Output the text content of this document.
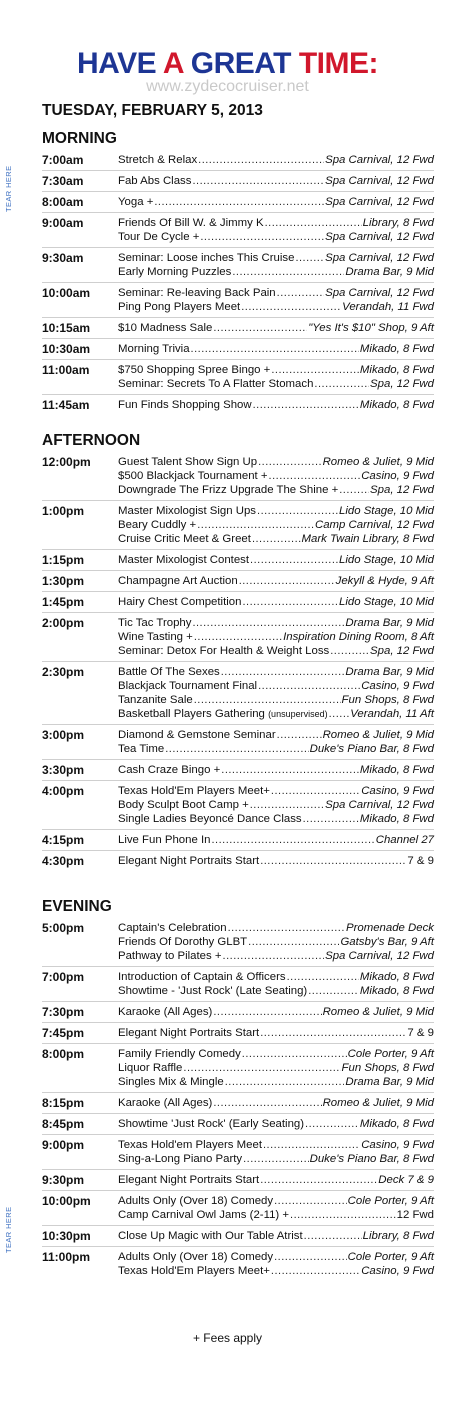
HAVE A GREAT TIME:
www.zydecocruiser.net
TUESDAY, FEBRUARY 5, 2013
TEAR HERE
TEAR HERE
MORNING
7:00am	Stretch & Relax .....	Spa Carnival, 12 Fwd
7:30am	Fab Abs Class .....	Spa Carnival, 12 Fwd
8:00am	Yoga + .....	Spa Carnival, 12 Fwd
9:00am	Friends Of Bill W. & Jimmy K .....	Library, 8 Fwd
Tour De Cycle + .....	Spa Carnival, 12 Fwd
9:30am	Seminar: Loose inches This Cruise .....	Spa Carnival, 12 Fwd
Early Morning Puzzles .....	Drama Bar, 9 Mid
10:00am	Seminar: Re-leaving Back Pain .....	Spa Carnival, 12 Fwd
Ping Pong Players Meet .....	Verandah, 11 Fwd
10:15am	$10 Madness Sale .....	"Yes It's $10" Shop, 9 Aft
10:30am	Morning Trivia .....	Mikado, 8 Fwd
11:00am	$750 Shopping Spree Bingo + .....	Mikado, 8 Fwd
Seminar: Secrets To A Flatter Stomach .....	Spa, 12 Fwd
11:45am	Fun Finds Shopping Show .....	Mikado, 8 Fwd
AFTERNOON
12:00pm	Guest Talent Show Sign Up .....	Romeo & Juliet, 9 Mid
$500 Blackjack Tournament + .....	Casino, 9 Fwd
Downgrade The Frizz Upgrade The Shine + .....	Spa, 12 Fwd
1:00pm	Master Mixologist Sign Ups .....	Lido Stage, 10 Mid
Beary Cuddly + .....	Camp Carnival, 12 Fwd
Cruise Critic Meet & Greet .....	Mark Twain Library, 8 Fwd
1:15pm	Master Mixologist Contest .....	Lido Stage, 10 Mid
1:30pm	Champagne Art Auction .....	Jekyll & Hyde, 9 Aft
1:45pm	Hairy Chest Competition .....	Lido Stage, 10 Mid
2:00pm	Tic Tac Trophy .....	Drama Bar, 9 Mid
Wine Tasting + .....	Inspiration Dining Room, 8 Aft
Seminar: Detox For Health & Weight Loss .....	Spa, 12 Fwd
2:30pm	Battle Of The Sexes .....	Drama Bar, 9 Mid
Blackjack Tournament Final .....	Casino, 9 Fwd
Tanzanite Sale .....	Fun Shops, 8 Fwd
Basketball Players Gathering (unsupervised) ..... Verandah, 11 Aft
3:00pm	Diamond & Gemstone Seminar .....	Romeo & Juliet, 9 Mid
Tea Time .....	Duke's Piano Bar, 8 Fwd
3:30pm	Cash Craze Bingo + .....	Mikado, 8 Fwd
4:00pm	Texas Hold'Em Players Meet+ .....	Casino, 9 Fwd
Body Sculpt Boot Camp + .....	Spa Carnival, 12 Fwd
Single Ladies Beyoncé Dance Class .....	Mikado, 8 Fwd
4:15pm	Live Fun Phone In .....	Channel 27
4:30pm	Elegant Night Portraits Start .....	7 & 9
EVENING
5:00pm	Captain's Celebration .....	Promenade Deck
Friends Of Dorothy GLBT .....	Gatsby's Bar, 9 Aft
Pathway to Pilates + .....	Spa Carnival, 12 Fwd
7:00pm	Introduction of Captain & Officers .....	Mikado, 8 Fwd
Showtime - 'Just Rock' (Late Seating) .....	Mikado, 8 Fwd
7:30pm	Karaoke (All Ages) .....	Romeo & Juliet, 9 Mid
7:45pm	Elegant Night Portraits Start .....	7 & 9
8:00pm	Family Friendly Comedy .....	Cole Porter, 9 Aft
Liquor Raffle .....	Fun Shops, 8 Fwd
Singles Mix & Mingle .....	Drama Bar, 9 Mid
8:15pm	Karaoke (All Ages) .....	Romeo & Juliet, 9 Mid
8:45pm	Showtime 'Just Rock' (Early Seating) .....	Mikado, 8 Fwd
9:00pm	Texas Hold'em Players Meet .....	Casino, 9 Fwd
Sing-a-Long Piano Party .....	Duke's Piano Bar, 8 Fwd
9:30pm	Elegant Night Portraits Start .....	Deck 7 & 9
10:00pm	Adults Only (Over 18) Comedy .....	Cole Porter, 9 Aft
Camp Carnival Owl Jams (2-11) + .....	12 Fwd
10:30pm	Close Up Magic with Our Table Atrist .....	Library, 8 Fwd
11:00pm	Adults Only (Over 18) Comedy .....	Cole Porter, 9 Aft
Texas Hold'Em Players Meet+ .....	Casino, 9 Fwd
+ Fees apply
